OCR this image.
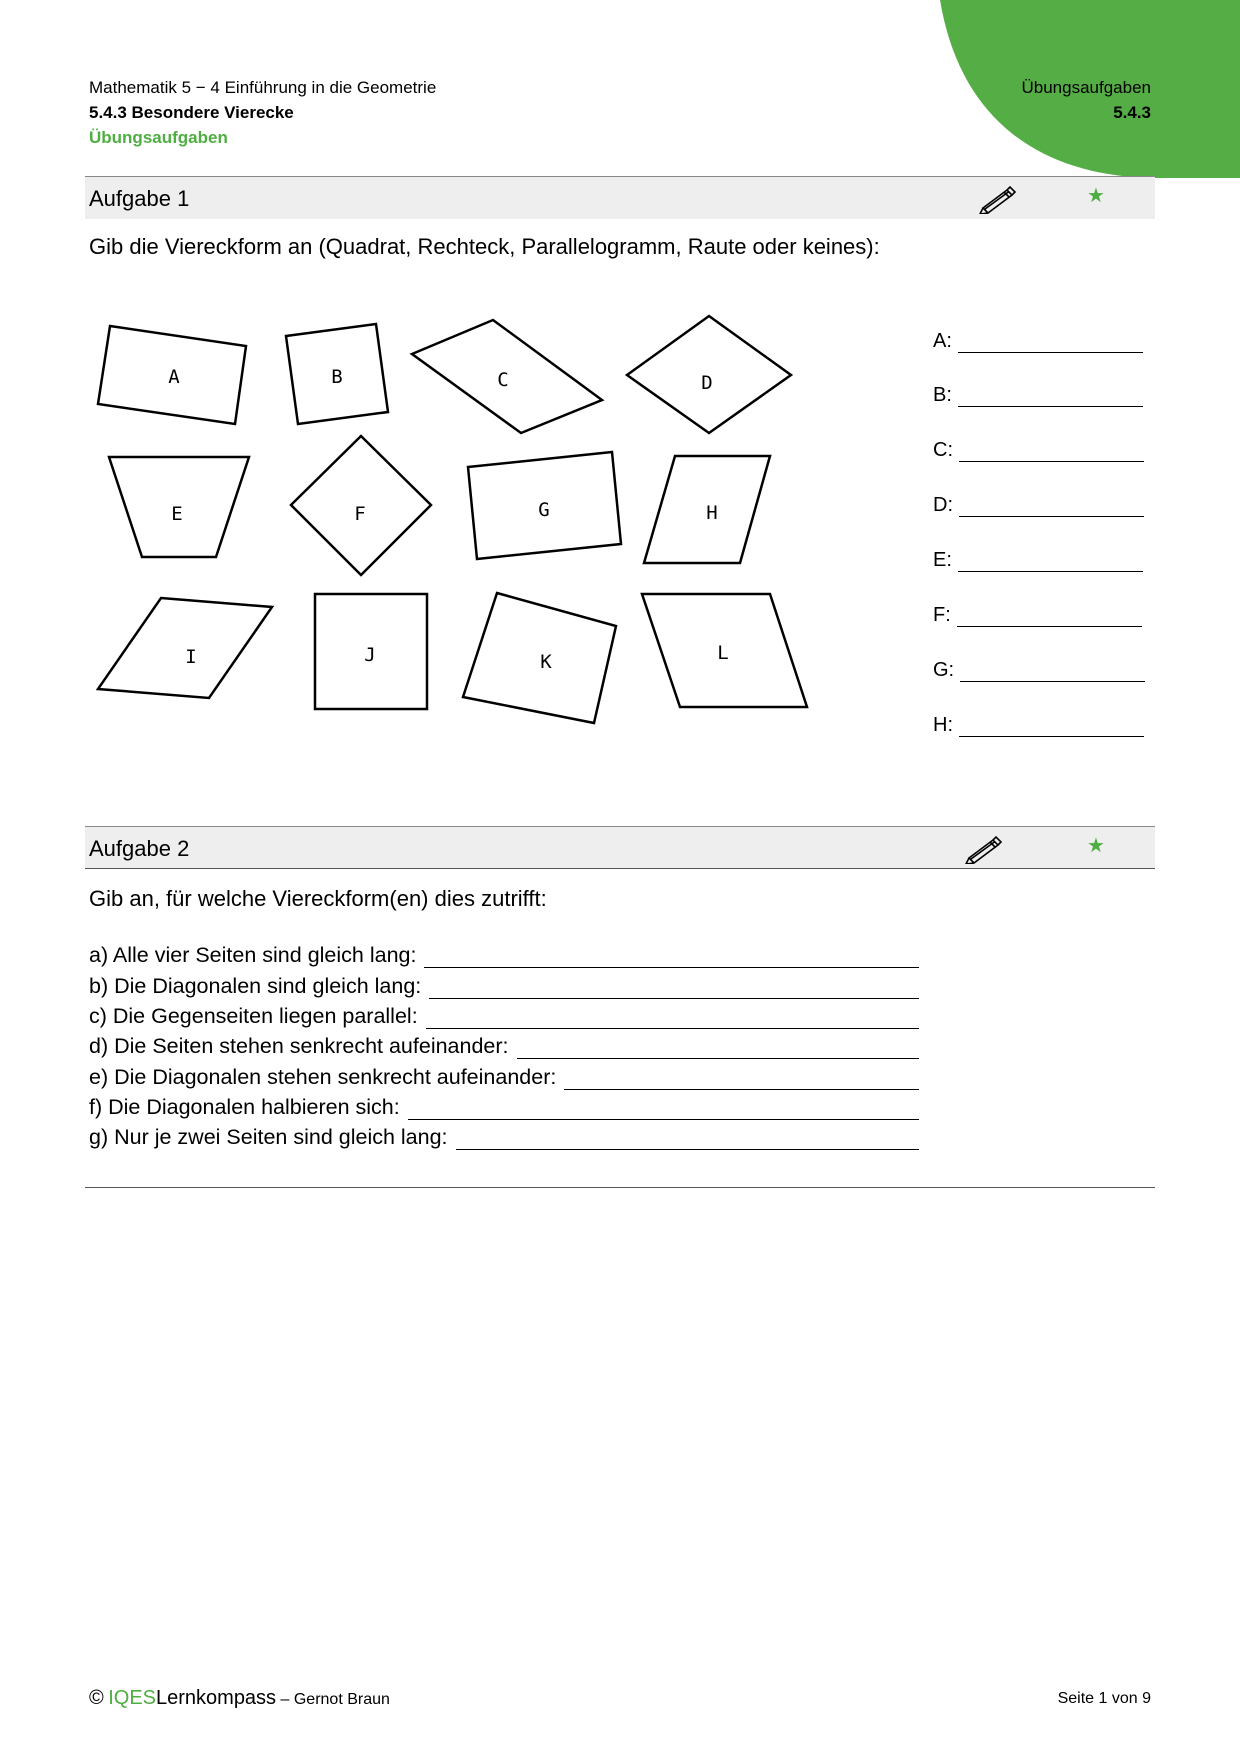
Mathematik 5 − 4 Einführung in die Geometrie
5.4.3 Besondere Vierecke
Übungsaufgaben
Übungsaufgaben
5.4.3
Aufgabe 1	★
Gib die Viereckform an (Quadrat, Rechteck, Parallelogramm, Raute oder keines):
A	B	C	D
E	F	G	H
I	J	K	L
A:
B:
C:
D:
E:
F:
G:
H:
Aufgabe 2	★
Gib an, für welche Viereckform(en) dies zutrifft:
a) Alle vier Seiten sind gleich lang:
b) Die Diagonalen sind gleich lang:
c) Die Gegenseiten liegen parallel:
d) Die Seiten stehen senkrecht aufeinander:
e) Die Diagonalen stehen senkrecht aufeinander:
f) Die Diagonalen halbieren sich:
g) Nur je zwei Seiten sind gleich lang:
© IQESLernkompass – Gernot Braun	Seite 1 von 9
